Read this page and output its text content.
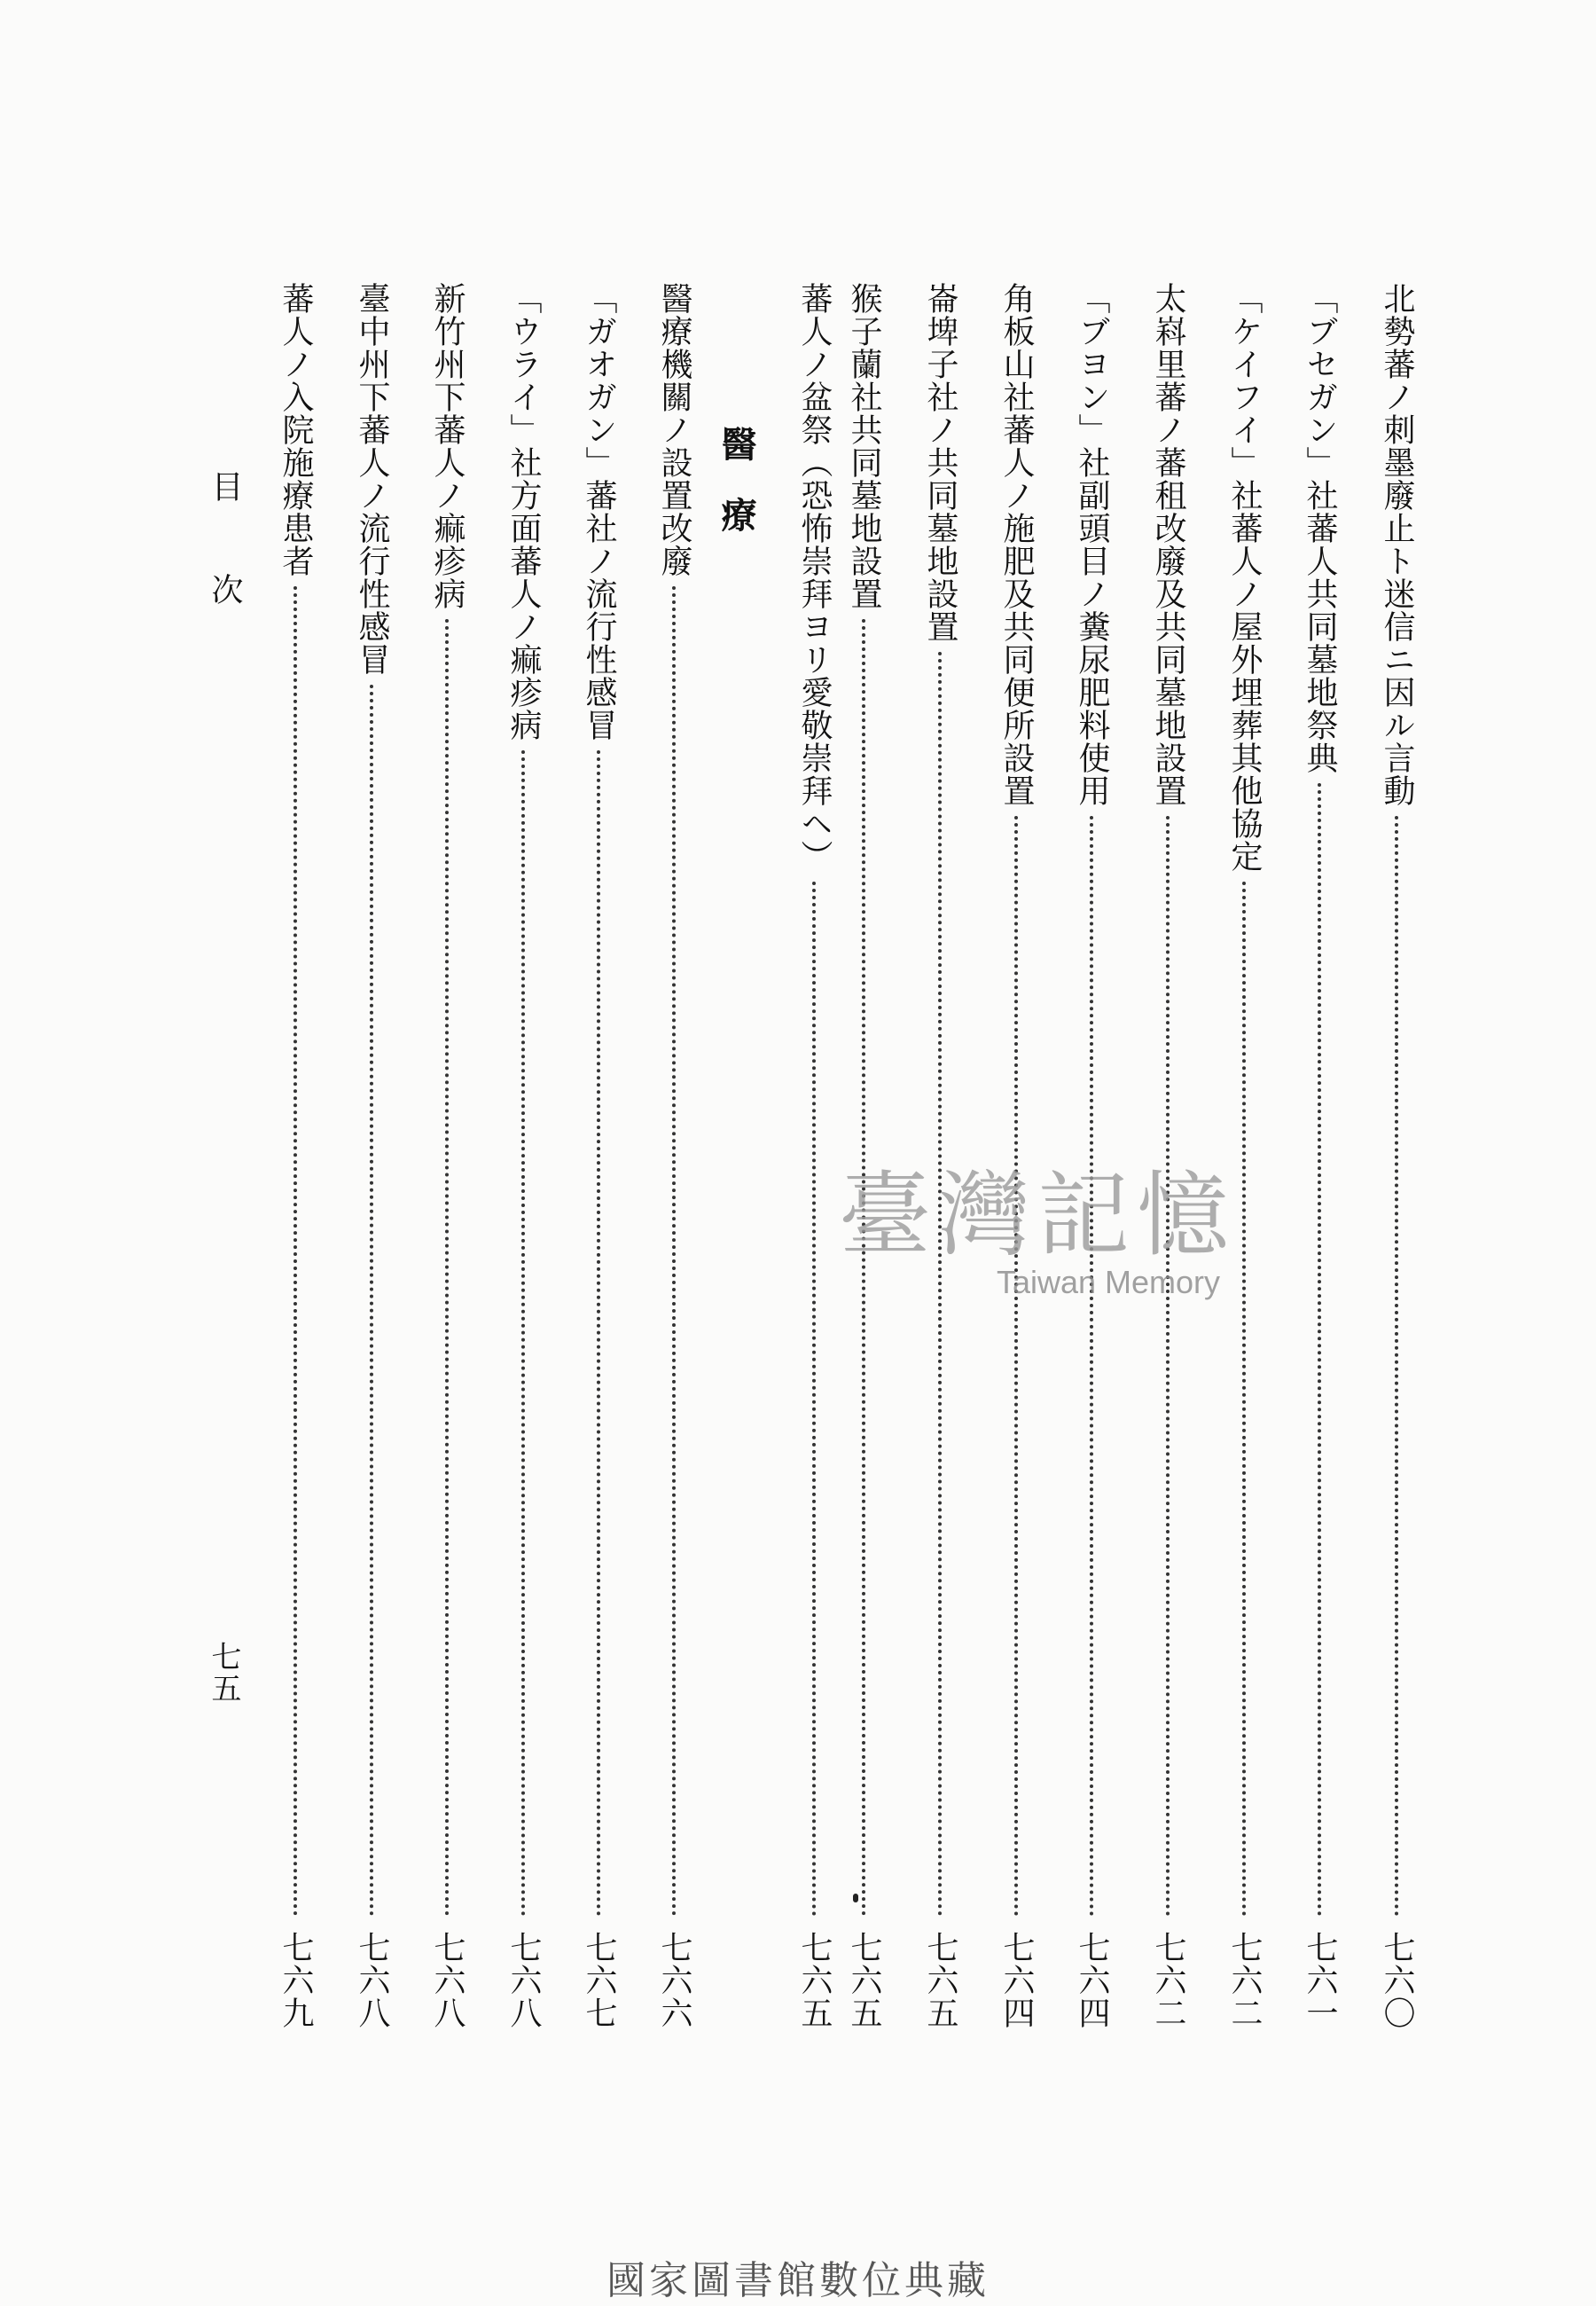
北勢蕃ノ刺墨廢止ト迷信ニ因ル言動
七六〇
「ブセガン」社蕃人共同墓地祭典
七六一
「ケイフイ」社蕃人ノ屋外埋葬其他協定
七六二
太嵙里蕃ノ蕃租改廢及共同墓地設置
七六二
「ブヨン」社副頭目ノ糞尿肥料使用
七六四
角板山社蕃人ノ施肥及共同便所設置
七六四
崙埤子社ノ共同墓地設置
七六五
猴子蘭社共同墓地設置
七六五
蕃人ノ盆祭（恐怖崇拜ヨリ愛敬崇拜ヘ）
七六五
醫療
醫療機關ノ設置改廢
七六六
「ガオガン」蕃社ノ流行性感冒
七六七
「ウライ」社方面蕃人ノ痲疹病
七六八
新竹州下蕃人ノ痲疹病
七六八
臺中州下蕃人ノ流行性感冒
七六八
蕃人ノ入院施療患者
七六九
目次
七五
臺灣記憶
Taiwan Memory
國家圖書館數位典藏
